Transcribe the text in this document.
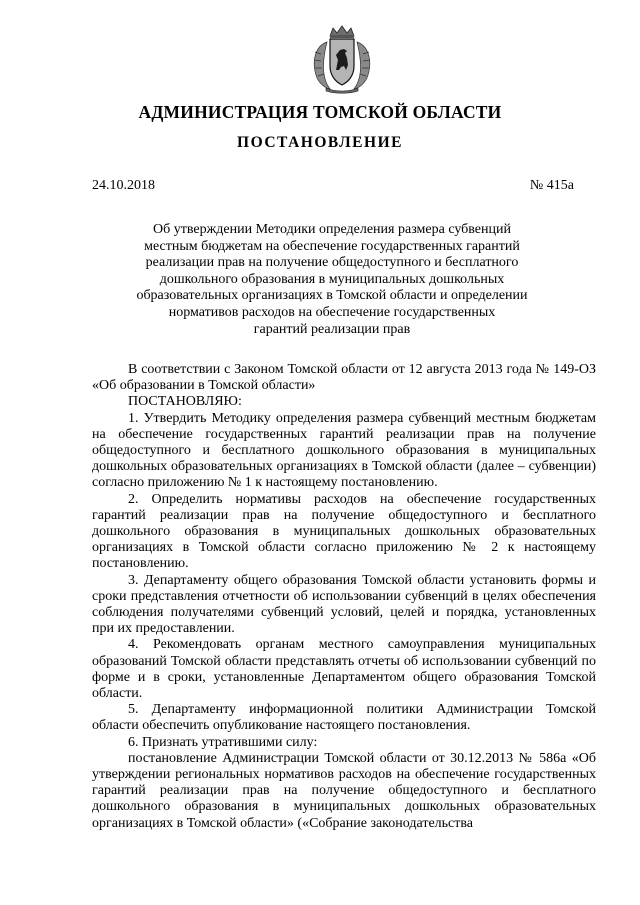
АДМИНИСТРАЦИЯ ТОМСКОЙ ОБЛАСТИ
ПОСТАНОВЛЕНИЕ
24.10.2018	№ 415а
Об утверждении Методики определения размера субвенций
местным бюджетам на обеспечение государственных гарантий
реализации прав на получение общедоступного и бесплатного
дошкольного образования в муниципальных дошкольных
образовательных организациях в Томской области и определении
нормативов расходов на обеспечение государственных
гарантий реализации прав

В соответствии с Законом Томской области от 12 августа 2013 года № 149-ОЗ «Об образовании в Томской области»

ПОСТАНОВЛЯЮ:

1. Утвердить Методику определения размера субвенций местным бюджетам на обеспечение государственных гарантий реализации прав на получение общедоступного и бесплатного дошкольного образования в муниципальных дошкольных образовательных организациях в Томской области (далее – субвенции) согласно приложению № 1 к настоящему постановлению.

2. Определить нормативы расходов на обеспечение государственных гарантий реализации прав на получение общедоступного и бесплатного дошкольного образования в муниципальных дошкольных образовательных организациях в Томской области согласно приложению № 2 к настоящему постановлению.

3. Департаменту общего образования Томской области установить формы и сроки представления отчетности об использовании субвенций в целях обеспечения соблюдения получателями субвенций условий, целей и порядка, установленных при их предоставлении.

4. Рекомендовать органам местного самоуправления муниципальных образований Томской области представлять отчеты об использовании субвенций по форме и в сроки, установленные Департаментом общего образования Томской области.

5. Департаменту информационной политики Администрации Томской области обеспечить опубликование настоящего постановления.

6. Признать утратившими силу:

постановление Администрации Томской области от 30.12.2013 № 586а «Об утверждении региональных нормативов расходов на обеспечение государственных гарантий реализации прав на получение общедоступного и бесплатного дошкольного образования в муниципальных дошкольных образовательных организациях в Томской области» («Собрание законодательства
